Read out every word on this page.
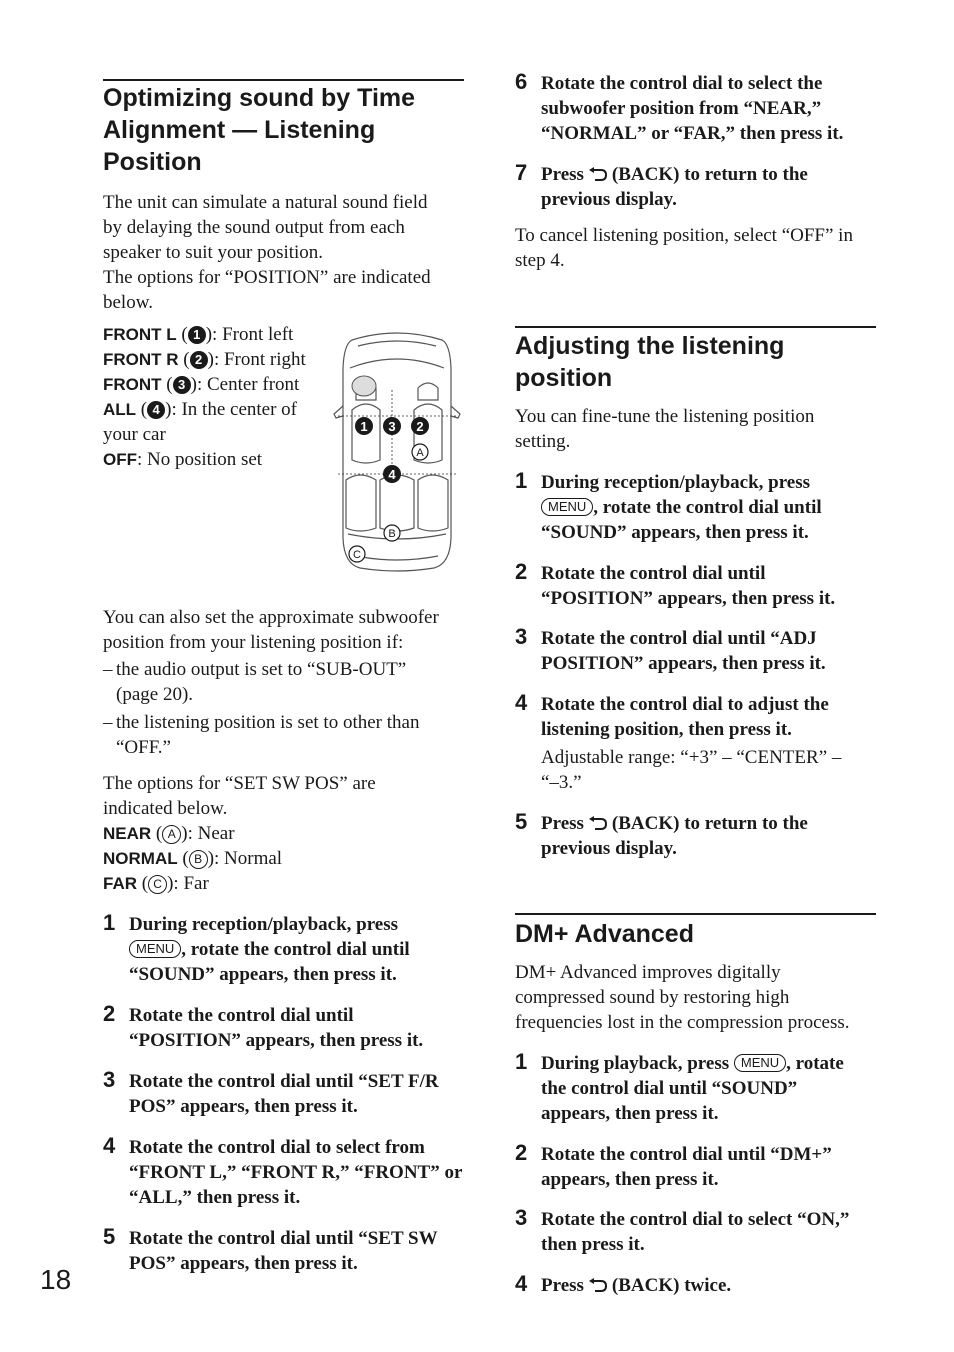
Optimizing sound by Time
Alignment — Listening
Position
The unit can simulate a natural sound field
by delaying the sound output from each
speaker to suit your position.
The options for “POSITION” are indicated
below.
FRONT L ( 1 ): Front left
FRONT R ( 2 ): Front right
FRONT ( 3 ): Center front
ALL ( 4 ): In the center of
your car
OFF: No position set
1 3 2
4
A
B
C
You can also set the approximate subwoofer
position from your listening position if:
– the audio output is set to “SUB-OUT”
(page 20).
– the listening position is set to other than
“OFF.”
The options for “SET SW POS” are
indicated below.
NEAR ( A ): Near
NORMAL ( B ): Normal
FAR ( C ): Far
1 During reception/playback, press
MENU , rotate the control dial until
“SOUND” appears, then press it.
2 Rotate the control dial until
“POSITION” appears, then press it.
3 Rotate the control dial until “SET F/R
POS” appears, then press it.
4 Rotate the control dial to select from
“FRONT L,” “FRONT R,” “FRONT” or
“ALL,” then press it.
5 Rotate the control dial until “SET SW
POS” appears, then press it.
18
6 Rotate the control dial to select the
subwoofer position from “NEAR,”
“NORMAL” or “FAR,” then press it.
7 Press (BACK) to return to the
previous display.
To cancel listening position, select “OFF” in
step 4.
Adjusting the listening
position
You can fine-tune the listening position
setting.
1 During reception/playback, press
MENU , rotate the control dial until
“SOUND” appears, then press it.
2 Rotate the control dial until
“POSITION” appears, then press it.
3 Rotate the control dial until “ADJ
POSITION” appears, then press it.
4 Rotate the control dial to adjust the
listening position, then press it.
Adjustable range: “+3” – “CENTER” –
“–3.”
5 Press (BACK) to return to the
previous display.
DM+ Advanced
DM+ Advanced improves digitally
compressed sound by restoring high
frequencies lost in the compression process.
1 During playback, press MENU , rotate
the control dial until “SOUND”
appears, then press it.
2 Rotate the control dial until “DM+”
appears, then press it.
3 Rotate the control dial to select “ON,”
then press it.
4 Press (BACK) twice.
